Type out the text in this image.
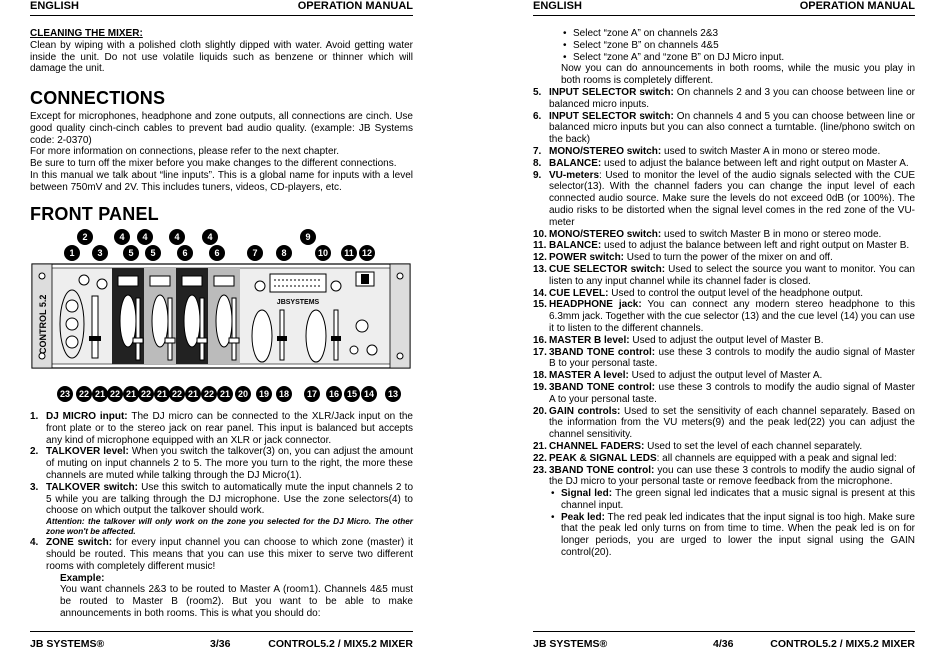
ENGLISH	OPERATION MANUAL

CLEANING THE MIXER:

Clean by wiping with a polished cloth slightly dipped with water. Avoid getting water inside the unit. Do not use volatile liquids such as benzene or thinner which will damage the unit.

CONNECTIONS

Except for microphones, headphone and zone outputs, all connections are cinch. Use good quality cinch-cinch cables to prevent bad audio quality. (example: JB Systems code: 2-0370)

For more information on connections, please refer to the next chapter.

Be sure to turn off the mixer before you make changes to the different connections.

In this manual we talk about “line inputs”. This is a global name for inputs with a level between 750mV and 2V. This includes tuners, videos, CD-players, etc.

FRONT PANEL
CONTROL 5.2	JBSYSTEMS
1
2
3
4
5
4
5
4
6
4
6	7	8
9
10	11 12
23 22 21 22 21 22 21 22 21 22 21 20	19	18	17	16 15 14	13
1. DJ MICRO input: The DJ micro can be connected to the XLR/Jack input on the front plate or to the stereo jack on rear panel. This input is balanced but accepts any kind of microphone equipped with an XLR or jack connector.
2. TALKOVER level: When you switch the talkover(3) on, you can adjust the amount of muting on input channels 2 to 5. The more you turn to the right, the more these channels are muted while talking through the DJ Micro(1).
3. TALKOVER switch: Use this switch to automatically mute the input channels 2 to 5 while you are talking through the DJ microphone. Use the zone selectors(4) to choose on which output the talkover should work.

Attention: the talkover will only work on the zone you selected for the DJ Micro. The other zone won't be affected.

4. ZONE switch: for every input channel you can choose to which zone (master) it should be routed. This means that you can use this mixer to serve two different rooms with completely different music!

Example:

You want channels 2&3 to be routed to Master A (room1). Channels 4&5 must be routed to Master B (room2). But you want to be able to make announcements in both rooms. This is what you should do:

JB SYSTEMS®	3/36	CONTROL5.2 / MIX5.2 MIXER
ENGLISH	OPERATION MANUAL
• Select “zone A” on channels 2&3
• Select “zone B” on channels 4&5
• Select “zone A” and “zone B” on DJ Micro input.

Now you can do announcements in both rooms, while the music you play in both rooms is completely different.

5. INPUT SELECTOR switch: On channels 2 and 3 you can choose between line or balanced micro inputs.
6. INPUT SELECTOR switch: On channels 4 and 5 you can choose between line or balanced micro inputs but you can also connect a turntable. (line/phono switch on the back)
7. MONO/STEREO switch: used to switch Master A in mono or stereo mode.
8. BALANCE: used to adjust the balance between left and right output on Master A.
9. VU-meters: Used to monitor the level of the audio signals selected with the CUE selector(13). With the channel faders you can change the input level of each connected audio source. Make sure the levels do not exceed 0dB (or 100%). The audio risks to be distorted when the signal level comes in the red zone of the VU-meter
10. MONO/STEREO switch: used to switch Master B in mono or stereo mode.
11. BALANCE: used to adjust the balance between left and right output on Master B.
12. POWER switch: Used to turn the power of the mixer on and off.
13. CUE SELECTOR switch: Used to select the source you want to monitor. You can listen to any input channel while its channel fader is closed.
14. CUE LEVEL: Used to control the output level of the headphone output.
15. HEADPHONE jack: You can connect any modern stereo headphone to this 6.3mm jack. Together with the cue selector (13) and the cue level (14) you can use it to listen to the different channels.
16. MASTER B level: Used to adjust the output level of Master B.
17. 3BAND TONE control: use these 3 controls to modify the audio signal of Master B to your personal taste.
18. MASTER A level: Used to adjust the output level of Master A.
19. 3BAND TONE control: use these 3 controls to modify the audio signal of Master A to your personal taste.
20. GAIN controls: Used to set the sensitivity of each channel separately. Based on the information from the VU meters(9) and the peak led(22) you can adjust the channel sensitivity.
21. CHANNEL FADERS: Used to set the level of each channel separately.
22. PEAK & SIGNAL LEDS: all channels are equipped with a peak and signal led:
23. 3BAND TONE control: you can use these 3 controls to modify the audio signal of the DJ micro to your personal taste or remove feedback from the microphone.
• Signal led: The green signal led indicates that a music signal is present at this channel input.
• Peak led: The red peak led indicates that the input signal is too high. Make sure that the peak led only turns on from time to time. When the peak led is on for longer periods, you are urged to lower the input signal using the GAIN control(20).

JB SYSTEMS®	4/36	CONTROL5.2 / MIX5.2 MIXER
